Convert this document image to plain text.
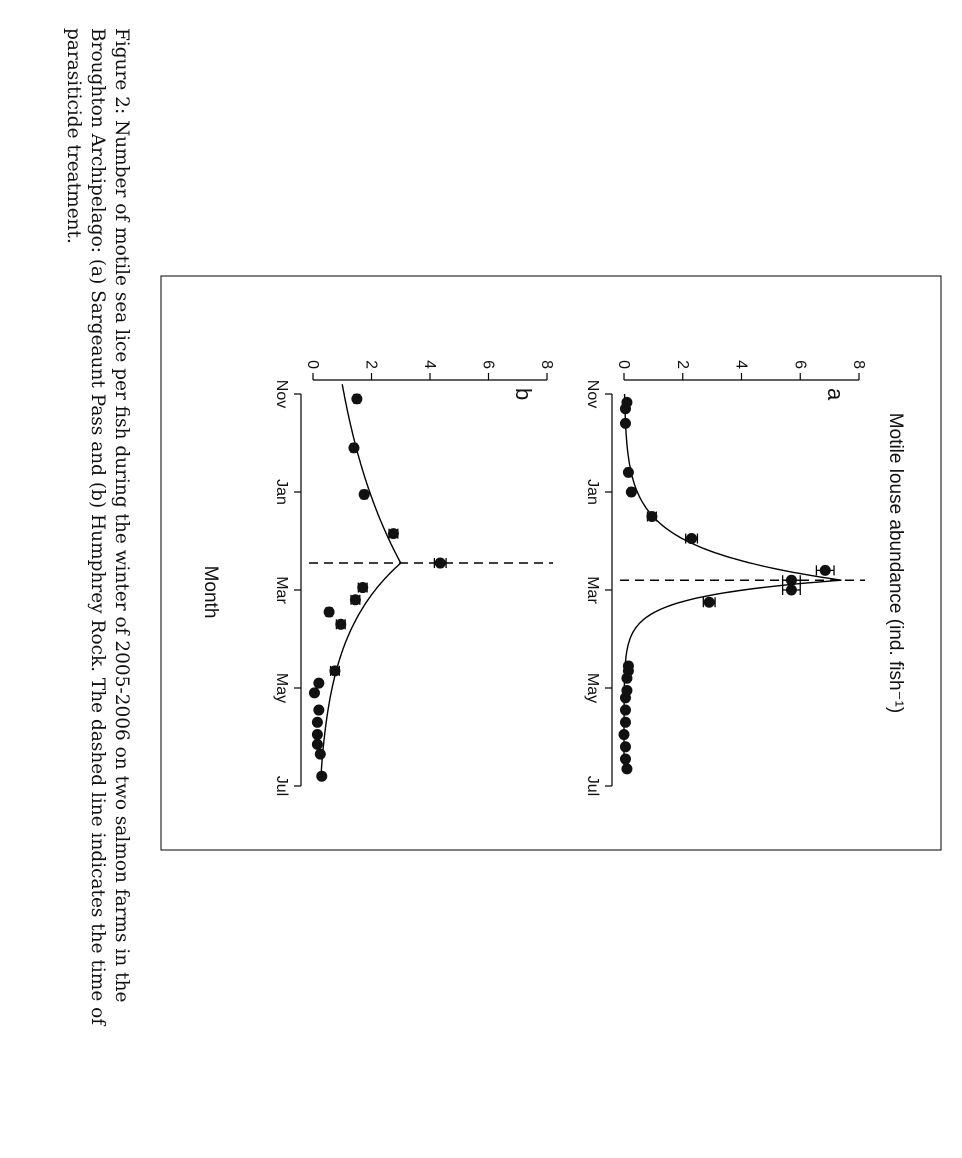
Figure 2: Number of motile sea lice per fish during the winter of 2005-2006 on two salmon farms in the
Broughton Archipelago: (a) Sargeaunt Pass and (b) Humphrey Rock. The dashed line indicates the time of
parasiticide treatment.
Motile louse abundance (ind. fish⁻¹)
Month
0	2	4	6	8
Nov
Jan
Mar
May
Jul
a
0	2	4	6	8
Nov
Jan
Mar
May
Jul
b
